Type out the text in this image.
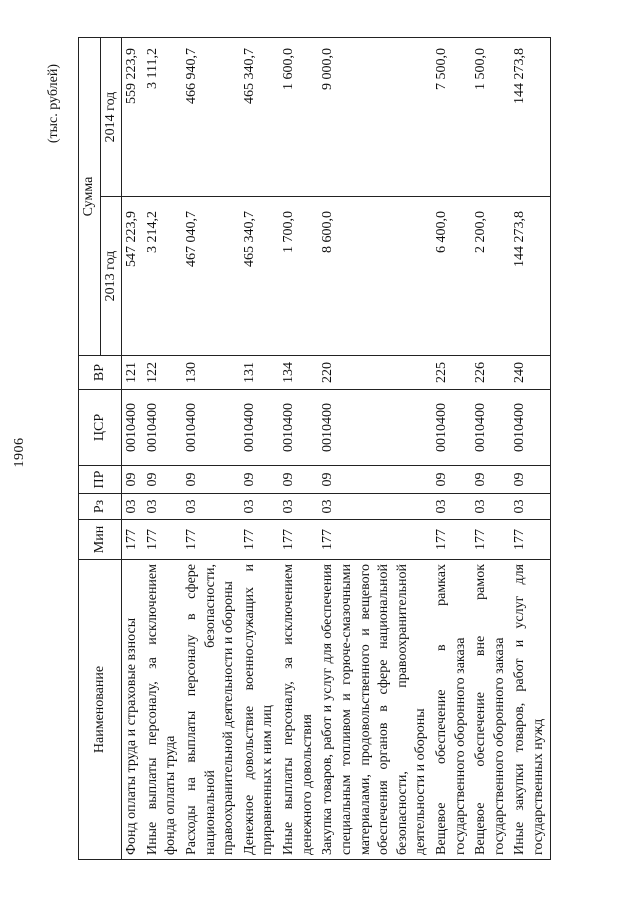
1906
(тыс. рублей)
Наименование	Мин	Рз	ПР	ЦСР	ВР	Сумма	
						2013 год	2014 год
Фонд оплаты труда и страховые взносы	177	03	09	0010400	121	547 223,9	559 223,9
Иные выплаты персоналу, за исключением фонда оплаты труда	177	03	09	0010400	122	3 214,2	3 111,2
Расходы на выплаты персоналу в сфере национальной безопасности, правоохранительной деятельности и обороны	177	03	09	0010400	130	467 040,7	466 940,7
Денежное довольствие военнослужащих и приравненных к ним лиц	177	03	09	0010400	131	465 340,7	465 340,7
Иные выплаты персоналу, за исключением денежного довольствия	177	03	09	0010400	134	1 700,0	1 600,0
Закупка товаров, работ и услуг для обеспечения специальным топливом и горюче-смазочными материалами, продовольственного и вещевого обеспечения органов в сфере национальной безопасности, правоохранительной деятельности и обороны	177	03	09	0010400	220	8 600,0	9 000,0
Вещевое обеспечение в рамках государственного оборонного заказа	177	03	09	0010400	225	6 400,0	7 500,0
Вещевое обеспечение вне рамок государственного оборонного заказа	177	03	09	0010400	226	2 200,0	1 500,0
Иные закупки товаров, работ и услуг для государственных нужд	177	03	09	0010400	240	144 273,8	144 273,8
